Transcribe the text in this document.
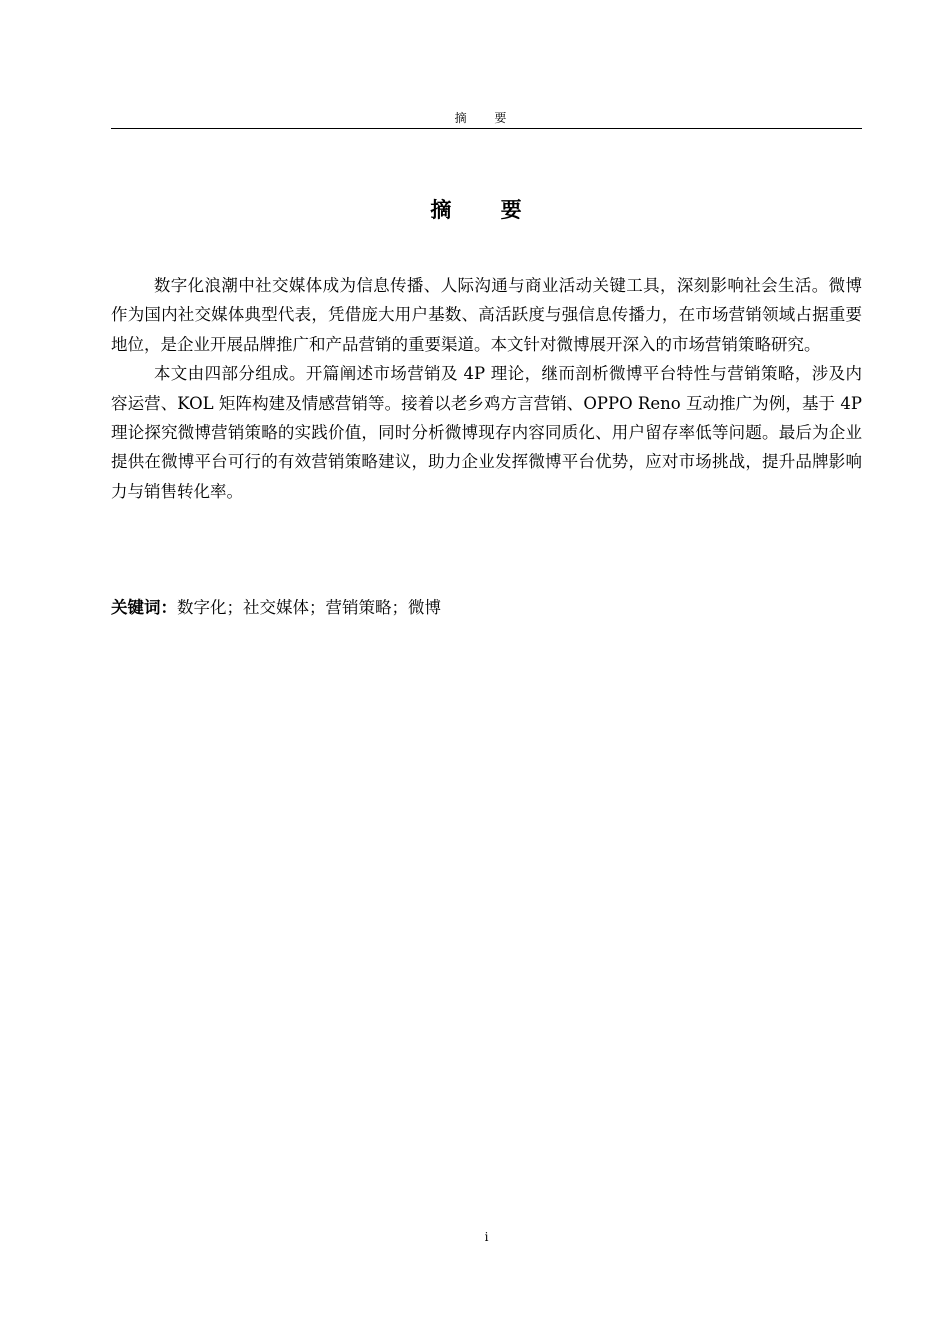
摘 要
摘 要

数字化浪潮中社交媒体成为信息传播、人际沟通与商业活动关键工具，深刻影响社会生活。微博作为国内社交媒体典型代表，凭借庞大用户基数、高活跃度与强信息传播力，在市场营销领域占据重要地位，是企业开展品牌推广和产品营销的重要渠道。本文针对微博展开深入的市场营销策略研究。

本文由四部分组成。开篇阐述市场营销及 4P 理论，继而剖析微博平台特性与营销策略，涉及内容运营、KOL 矩阵构建及情感营销等。接着以老乡鸡方言营销、OPPO Reno 互动推广为例，基于 4P 理论探究微博营销策略的实践价值，同时分析微博现存内容同质化、用户留存率低等问题。最后为企业提供在微博平台可行的有效营销策略建议，助力企业发挥微博平台优势，应对市场挑战，提升品牌影响力与销售转化率。

关键词：数字化；社交媒体；营销策略；微博
i
